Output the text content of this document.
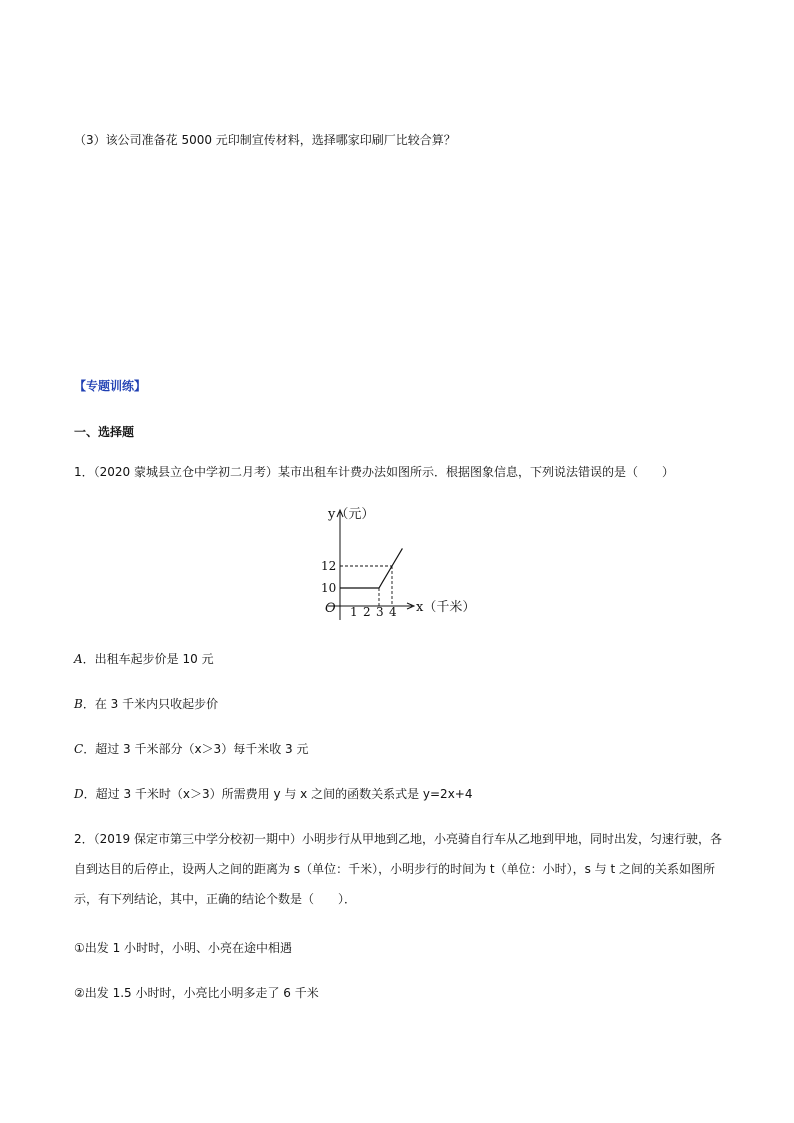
（3）该公司准备花 5000 元印制宣传材料，选择哪家印刷厂比较合算？
【专题训练】
一、选择题
1．（2020 蒙城县立仓中学初二月考）某市出租车计费办法如图所示．根据图象信息，下列说法错误的是（　　）
y（元）
x（千米）
O 1 2 3 4
10
12
A．出租车起步价是 10 元
B．在 3 千米内只收起步价
C．超过 3 千米部分（x＞3）每千米收 3 元
D．超过 3 千米时（x＞3）所需费用 y 与 x 之间的函数关系式是 y=2x+4
2．（2019 保定市第三中学分校初一期中）小明步行从甲地到乙地，小亮骑自行车从乙地到甲地，同时出发，匀速行驶，各自到达目的后停止，设两人之间的距离为 s（单位：千米），小明步行的时间为 t（单位：小时），s 与 t 之间的关系如图所示，有下列结论，其中，正确的结论个数是（　　）．
①出发 1 小时时，小明、小亮在途中相遇
②出发 1.5 小时时，小亮比小明多走了 6 千米
